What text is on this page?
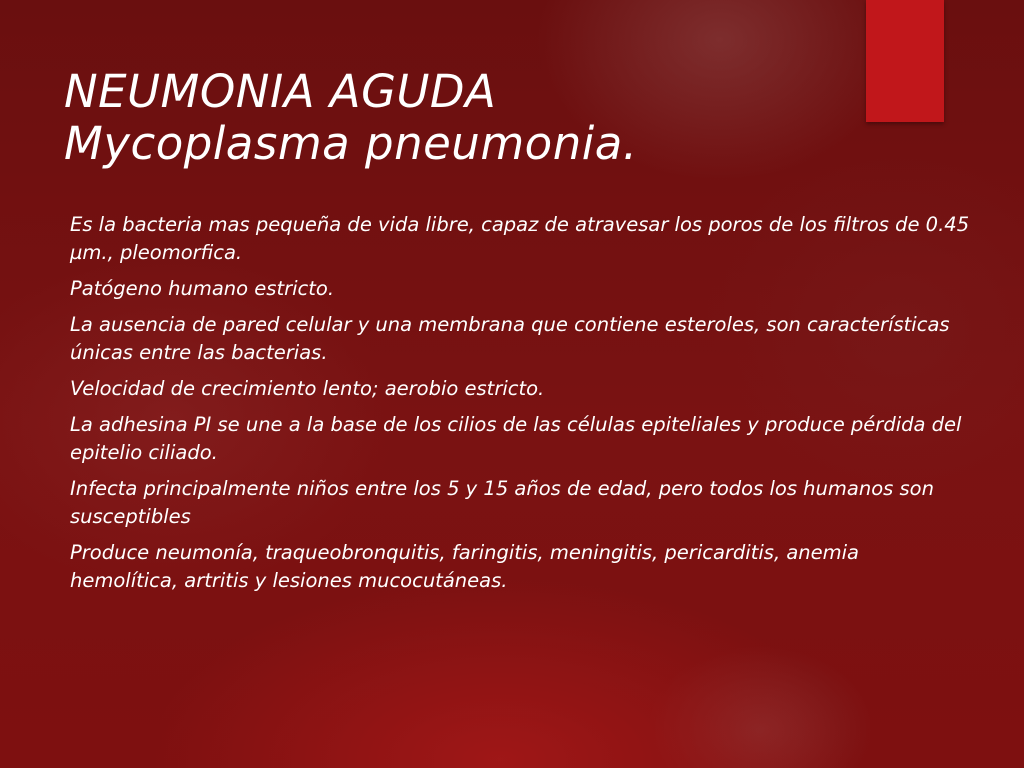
NEUMONIA AGUDA
Mycoplasma pneumonia.
Es la bacteria mas pequeña de vida libre, capaz de atravesar los poros de los filtros de 0.45 µm., pleomorfica.
Patógeno humano estricto.
La ausencia de pared celular y una membrana que contiene esteroles, son características únicas entre las bacterias.
Velocidad de crecimiento lento; aerobio estricto.
La adhesina PI se une a la base de los cilios de las células epiteliales y produce pérdida del epitelio ciliado.
Infecta principalmente niños entre los 5 y 15 años de edad, pero todos los humanos son susceptibles
Produce neumonía, traqueobronquitis, faringitis, meningitis, pericarditis, anemia hemolítica, artritis y lesiones mucocutáneas.
